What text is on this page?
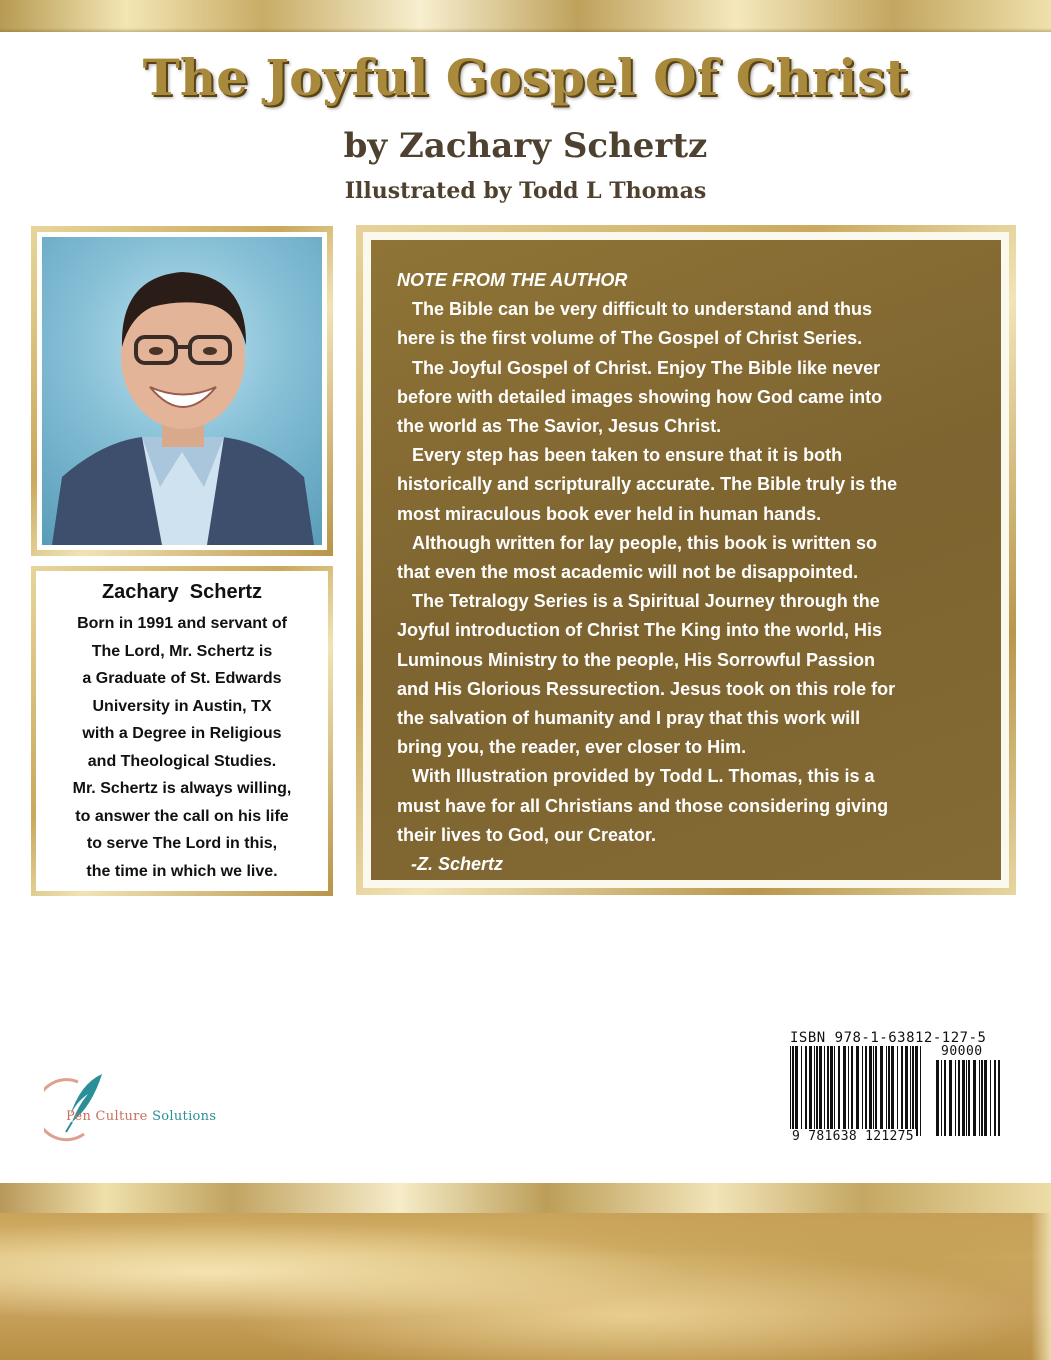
The Joyful Gospel Of Christ
by Zachary Schertz
Illustrated by Todd L Thomas
Zachary  Schertz
Born in 1991 and servant of
The Lord, Mr. Schertz is
a Graduate of St. Edwards
University in Austin, TX
with a Degree in Religious
and Theological Studies.
Mr. Schertz is always willing,
to answer the call on his life
to serve The Lord in this,
the time in which we live.
NOTE FROM THE AUTHOR
The Bible can be very difficult to understand and thus
here is the first volume of The Gospel of Christ Series.
The Joyful Gospel of Christ. Enjoy The Bible like never
before with detailed images showing how God came into
the world as The Savior, Jesus Christ.
Every step has been taken to ensure that it is both
historically and scripturally accurate. The Bible truly is the
most miraculous book ever held in human hands.
Although written for lay people, this book is written so
that even the most academic will not be disappointed.
The Tetralogy Series is a Spiritual Journey through the
Joyful introduction of Christ The King into the world, His
Luminous Ministry to the people, His Sorrowful Passion
and His Glorious Ressurection. Jesus took on this role for
the salvation of humanity and I pray that this work will
bring you, the reader, ever closer to Him.
With Illustration provided by Todd L. Thomas, this is a
must have for all Christians and those considering giving
their lives to God, our Creator.
-Z. Schertz
Pen Culture Solutions
ISBN 978-1-63812-127-5
90000
9 781638 121275
